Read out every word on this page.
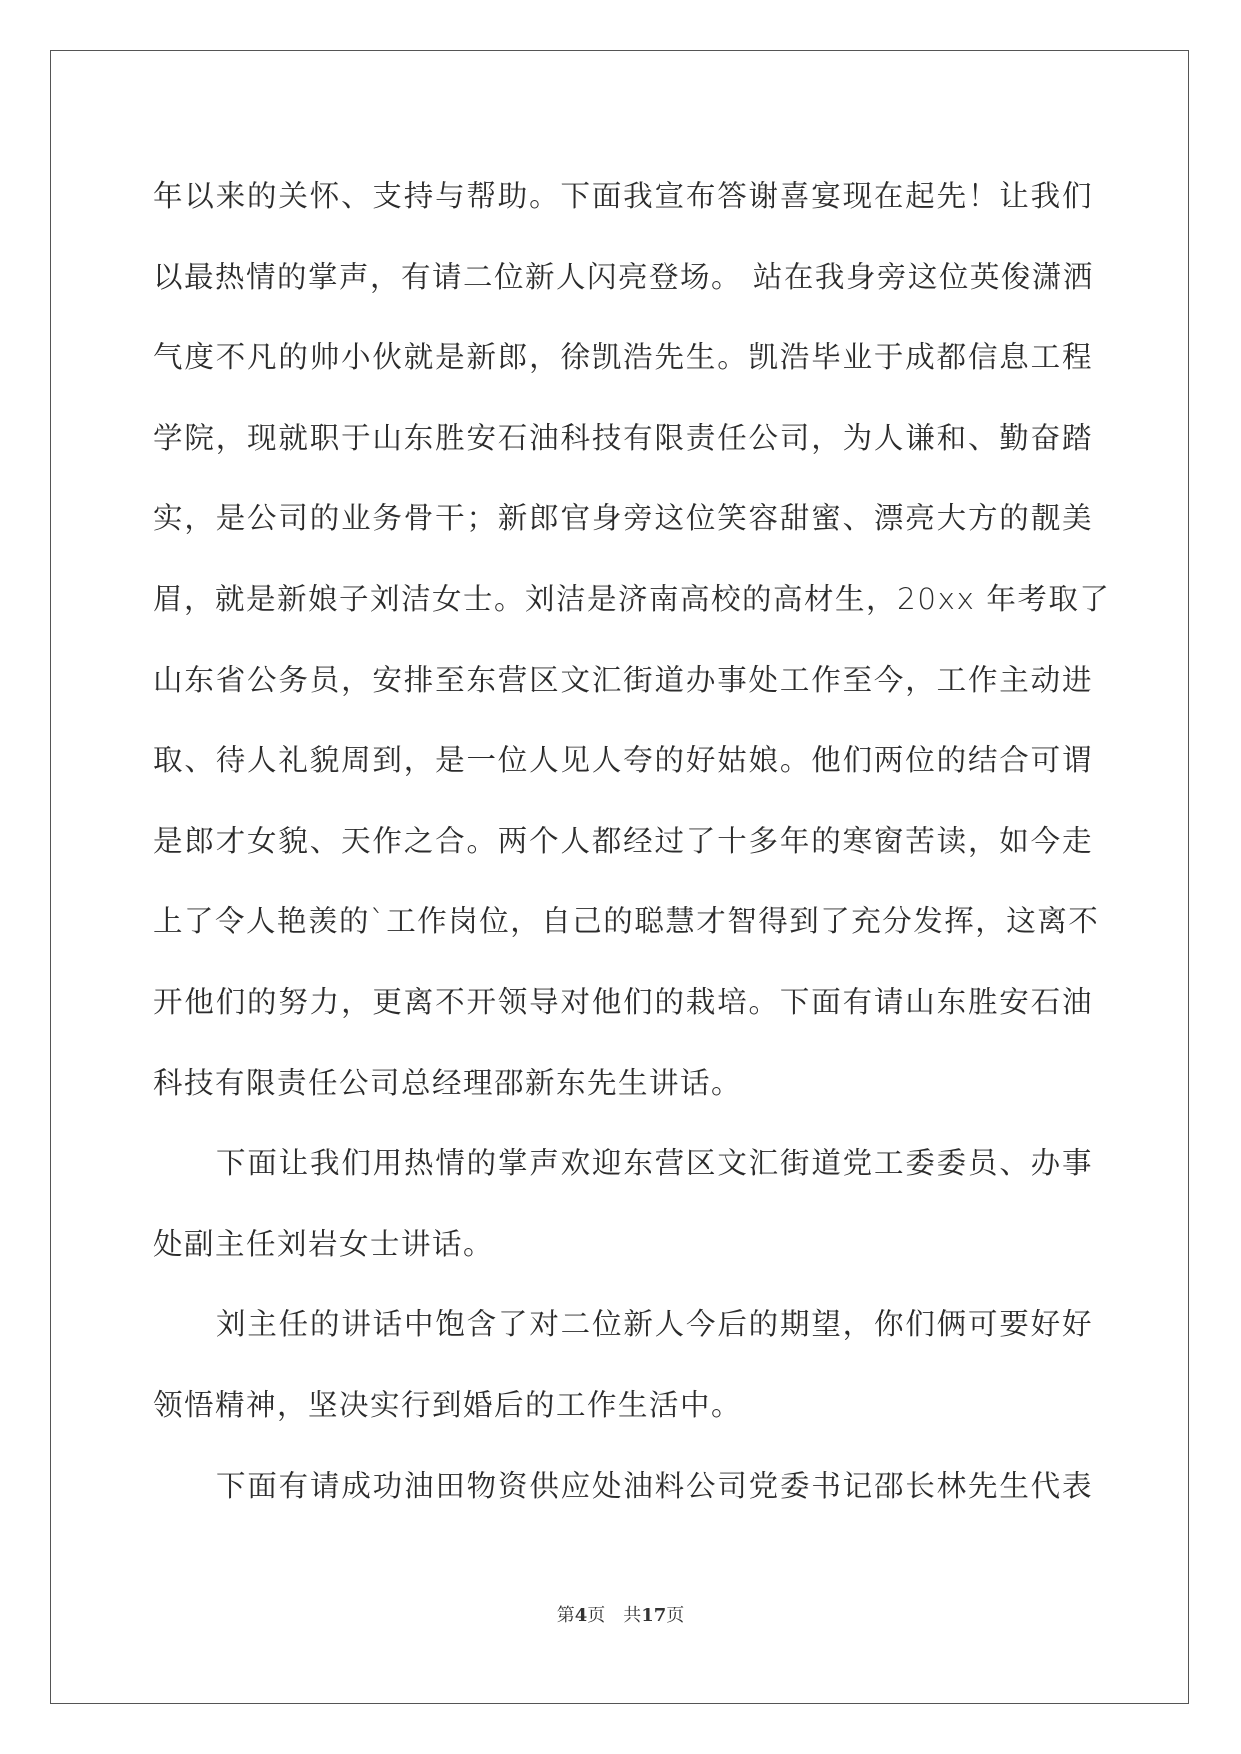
年以来的关怀、支持与帮助。下面我宣布答谢喜宴现在起先！让我们
以最热情的掌声，有请二位新人闪亮登场。 站在我身旁这位英俊潇洒
气度不凡的帅小伙就是新郎，徐凯浩先生。凯浩毕业于成都信息工程
学院，现就职于山东胜安石油科技有限责任公司，为人谦和、勤奋踏
实，是公司的业务骨干；新郎官身旁这位笑容甜蜜、漂亮大方的靓美
眉，就是新娘子刘洁女士。刘洁是济南高校的高材生，20xx 年考取了
山东省公务员，安排至东营区文汇街道办事处工作至今，工作主动进
取、待人礼貌周到，是一位人见人夸的好姑娘。他们两位的结合可谓
是郎才女貌、天作之合。两个人都经过了十多年的寒窗苦读，如今走
上了令人艳羡的`工作岗位，自己的聪慧才智得到了充分发挥，这离不
开他们的努力，更离不开领导对他们的栽培。下面有请山东胜安石油
科技有限责任公司总经理邵新东先生讲话。
下面让我们用热情的掌声欢迎东营区文汇街道党工委委员、办事
处副主任刘岩女士讲话。
刘主任的讲话中饱含了对二位新人今后的期望，你们俩可要好好
领悟精神，坚决实行到婚后的工作生活中。
下面有请成功油田物资供应处油料公司党委书记邵长林先生代表
第4页 共17页
